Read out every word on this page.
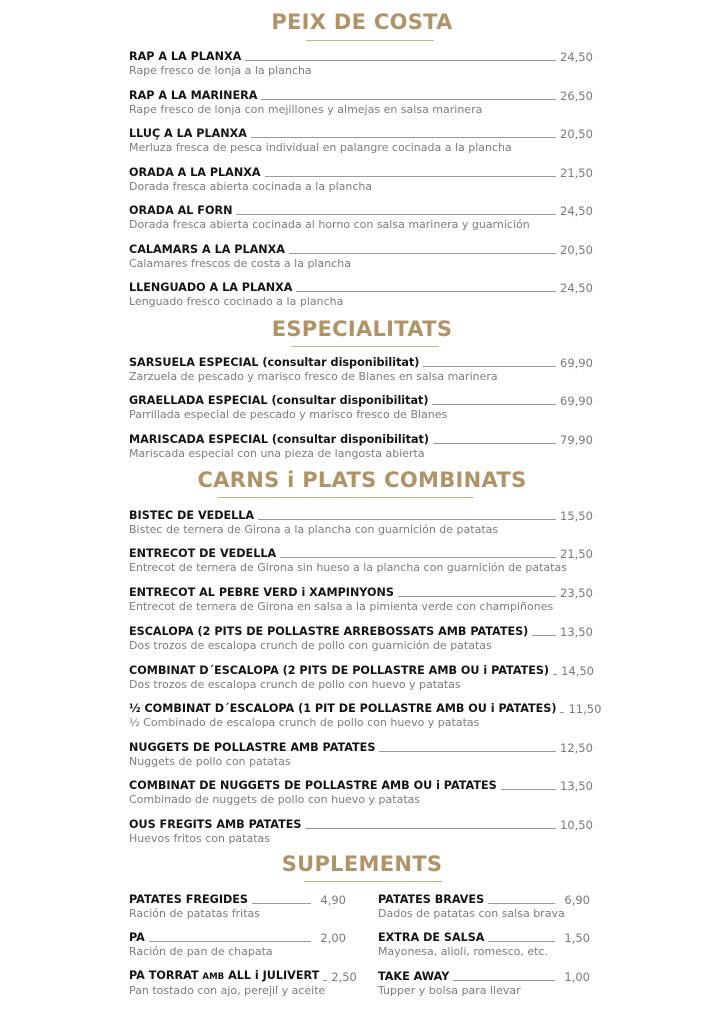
PEIX DE COSTA
RAP A LA PLANXA	24,50
Rape fresco de lonja a la plancha
RAP A LA MARINERA	26,50
Rape fresco de lonja con mejillones y almejas en salsa marinera
LLUÇ A LA PLANXA	20,50
Merluza fresca de pesca individual en palangre cocinada a la plancha
ORADA A LA PLANXA	21,50
Dorada fresca abierta cocinada a la plancha
ORADA AL FORN	24,50
Dorada fresca abierta cocinada al horno con salsa marinera y guarnición
CALAMARS A LA PLANXA	20,50
Calamares frescos de costa a la plancha
LLENGUADO A LA PLANXA	24,50
Lenguado fresco cocinado a la plancha
ESPECIALITATS
SARSUELA ESPECIAL (consultar disponibilitat)	69,90
Zarzuela de pescado y marisco fresco de Blanes en salsa marinera
GRAELLADA ESPECIAL (consultar disponibilitat)	69,90
Parrillada especial de pescado y marisco fresco de Blanes
MARISCADA ESPECIAL (consultar disponibilitat)	79,90
Mariscada especial con una pieza de langosta abierta
CARNS i PLATS COMBINATS
BISTEC DE VEDELLA	15,50
Bistec de ternera de Girona a la plancha con guarnición de patatas
ENTRECOT DE VEDELLA	21,50
Entrecot de ternera de Girona sin hueso a la plancha con guarnición de patatas
ENTRECOT AL PEBRE VERD i XAMPINYONS	23,50
Entrecot de ternera de Girona en salsa a la pimienta verde con champiñones
ESCALOPA (2 PITS DE POLLASTRE ARREBOSSATS AMB PATATES)	13,50
Dos trozos de escalopa crunch de pollo con guarnición de patatas
COMBINAT D´ESCALOPA (2 PITS DE POLLASTRE AMB OU i PATATES) 14,50
Dos trozos de escalopa crunch de pollo con huevo y patatas
½ COMBINAT D´ESCALOPA (1 PIT DE POLLASTRE AMB OU i PATATES) 11,50
½ Combinado de escalopa crunch de pollo con huevo y patatas
NUGGETS DE POLLASTRE AMB PATATES	12,50
Nuggets de pollo con patatas
COMBINAT DE NUGGETS DE POLLASTRE AMB OU i PATATES	13,50
Combinado de nuggets de pollo con huevo y patatas
OUS FREGITS AMB PATATES	10,50
Huevos fritos con patatas
SUPLEMENTS
PATATES FREGIDES	4,90
Ración de patatas fritas
PA	2,00
Ración de pan de chapata
PA TORRAT AMB ALL i JULIVERT 2,50
Pan tostado con ajo, perejil y aceite
PATATES BRAVES	6,90
Dados de patatas con salsa brava
EXTRA DE SALSA	1,50
Mayonesa, alioli, romesco, etc.
TAKE AWAY	1,00
Tupper y bolsa para llevar
